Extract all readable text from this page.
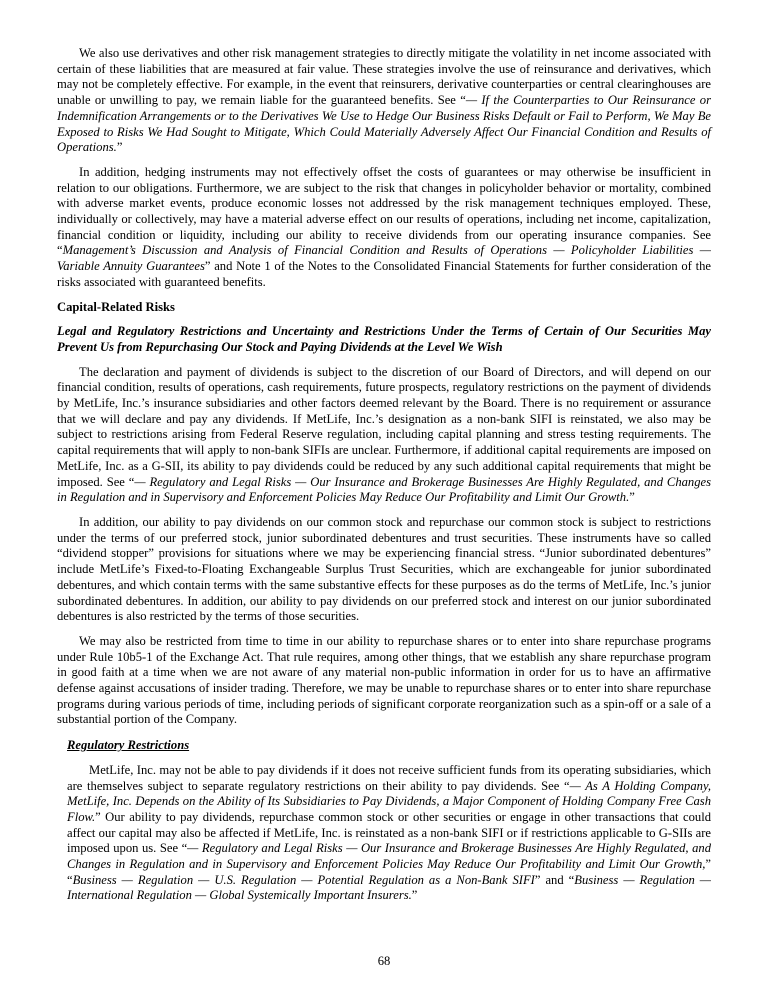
We also use derivatives and other risk management strategies to directly mitigate the volatility in net income associated with certain of these liabilities that are measured at fair value. These strategies involve the use of reinsurance and derivatives, which may not be completely effective. For example, in the event that reinsurers, derivative counterparties or central clearinghouses are unable or unwilling to pay, we remain liable for the guaranteed benefits. See “— If the Counterparties to Our Reinsurance or Indemnification Arrangements or to the Derivatives We Use to Hedge Our Business Risks Default or Fail to Perform, We May Be Exposed to Risks We Had Sought to Mitigate, Which Could Materially Adversely Affect Our Financial Condition and Results of Operations.”

In addition, hedging instruments may not effectively offset the costs of guarantees or may otherwise be insufficient in relation to our obligations. Furthermore, we are subject to the risk that changes in policyholder behavior or mortality, combined with adverse market events, produce economic losses not addressed by the risk management techniques employed. These, individually or collectively, may have a material adverse effect on our results of operations, including net income, capitalization, financial condition or liquidity, including our ability to receive dividends from our operating insurance companies. See “Management’s Discussion and Analysis of Financial Condition and Results of Operations — Policyholder Liabilities — Variable Annuity Guarantees” and Note 1 of the Notes to the Consolidated Financial Statements for further consideration of the risks associated with guaranteed benefits.

Capital-Related Risks
Legal and Regulatory Restrictions and Uncertainty and Restrictions Under the Terms of Certain of Our Securities May Prevent Us from Repurchasing Our Stock and Paying Dividends at the Level We Wish

The declaration and payment of dividends is subject to the discretion of our Board of Directors, and will depend on our financial condition, results of operations, cash requirements, future prospects, regulatory restrictions on the payment of dividends by MetLife, Inc.’s insurance subsidiaries and other factors deemed relevant by the Board. There is no requirement or assurance that we will declare and pay any dividends. If MetLife, Inc.’s designation as a non-bank SIFI is reinstated, we also may be subject to restrictions arising from Federal Reserve regulation, including capital planning and stress testing requirements. The capital requirements that will apply to non-bank SIFIs are unclear. Furthermore, if additional capital requirements are imposed on MetLife, Inc. as a G-SII, its ability to pay dividends could be reduced by any such additional capital requirements that might be imposed. See “— Regulatory and Legal Risks — Our Insurance and Brokerage Businesses Are Highly Regulated, and Changes in Regulation and in Supervisory and Enforcement Policies May Reduce Our Profitability and Limit Our Growth.”

In addition, our ability to pay dividends on our common stock and repurchase our common stock is subject to restrictions under the terms of our preferred stock, junior subordinated debentures and trust securities. These instruments have so called “dividend stopper” provisions for situations where we may be experiencing financial stress. “Junior subordinated debentures” include MetLife’s Fixed-to-Floating Exchangeable Surplus Trust Securities, which are exchangeable for junior subordinated debentures, and which contain terms with the same substantive effects for these purposes as do the terms of MetLife, Inc.’s junior subordinated debentures. In addition, our ability to pay dividends on our preferred stock and interest on our junior subordinated debentures is also restricted by the terms of those securities.

We may also be restricted from time to time in our ability to repurchase shares or to enter into share repurchase programs under Rule 10b5-1 of the Exchange Act. That rule requires, among other things, that we establish any share repurchase program in good faith at a time when we are not aware of any material non-public information in order for us to have an affirmative defense against accusations of insider trading. Therefore, we may be unable to repurchase shares or to enter into share repurchase programs during various periods of time, including periods of significant corporate reorganization such as a spin-off or a sale of a substantial portion of the Company.

Regulatory Restrictions

MetLife, Inc. may not be able to pay dividends if it does not receive sufficient funds from its operating subsidiaries, which are themselves subject to separate regulatory restrictions on their ability to pay dividends. See “— As A Holding Company, MetLife, Inc. Depends on the Ability of Its Subsidiaries to Pay Dividends, a Major Component of Holding Company Free Cash Flow.” Our ability to pay dividends, repurchase common stock or other securities or engage in other transactions that could affect our capital may also be affected if MetLife, Inc. is reinstated as a non-bank SIFI or if restrictions applicable to G-SIIs are imposed upon us. See “— Regulatory and Legal Risks — Our Insurance and Brokerage Businesses Are Highly Regulated, and Changes in Regulation and in Supervisory and Enforcement Policies May Reduce Our Profitability and Limit Our Growth,” “Business — Regulation — U.S. Regulation — Potential Regulation as a Non-Bank SIFI” and “Business — Regulation — International Regulation — Global Systemically Important Insurers.”

68
